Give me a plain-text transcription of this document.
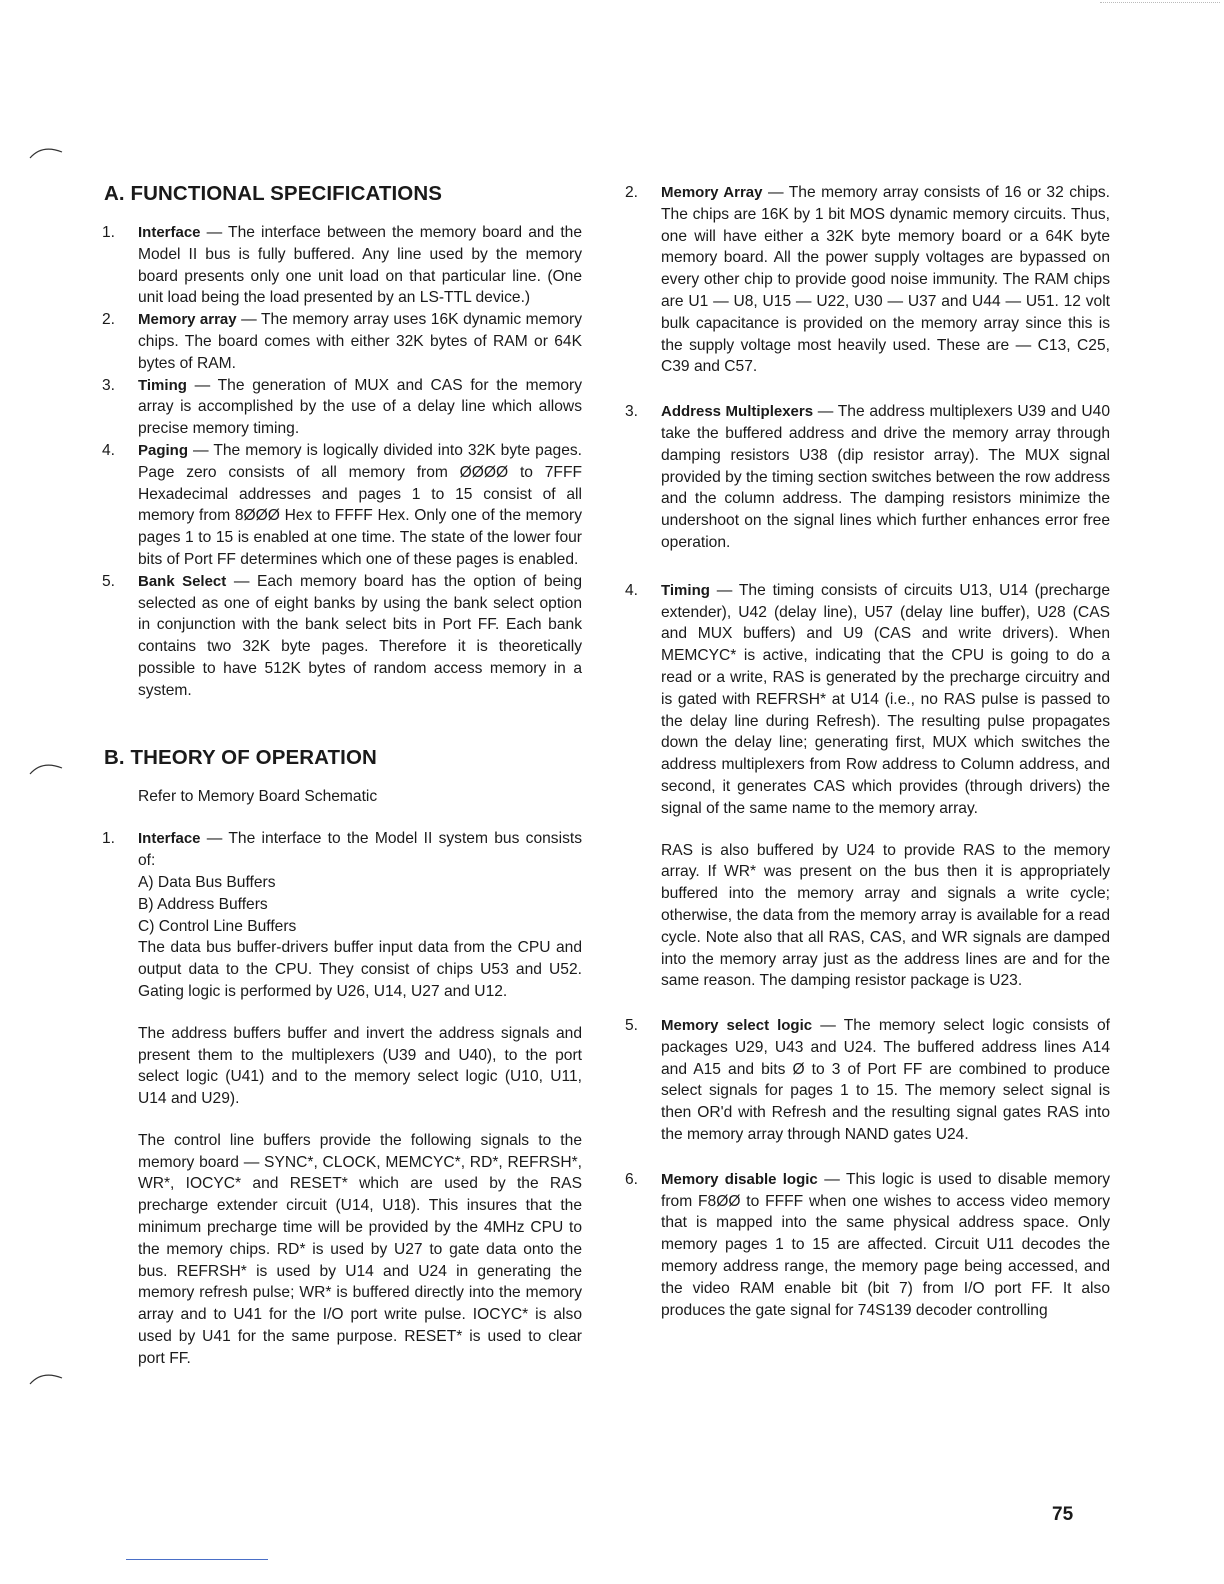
A. FUNCTIONAL SPECIFICATIONS
1.	Interface — The interface between the memory board and the Model II bus is fully buffered. Any line used by the memory board presents only one unit load on that particular line. (One unit load being the load presented by an LS-TTL device.)
2.	Memory array — The memory array uses 16K dynamic memory chips. The board comes with either 32K bytes of RAM or 64K bytes of RAM.
3.	Timing — The generation of MUX and CAS for the memory array is accomplished by the use of a delay line which allows precise memory timing.
4.	Paging — The memory is logically divided into 32K byte pages. Page zero consists of all memory from ØØØØ to 7FFF Hexadecimal addresses and pages 1 to 15 consist of all memory from 8ØØØ Hex to FFFF Hex. Only one of the memory pages 1 to 15 is enabled at one time. The state of the lower four bits of Port FF determines which one of these pages is enabled.
5.	Bank Select — Each memory board has the option of being selected as one of eight banks by using the bank select option in conjunction with the bank select bits in Port FF. Each bank contains two 32K byte pages. Therefore it is theoretically possible to have 512K bytes of random access memory in a system.
B. THEORY OF OPERATION
Refer to Memory Board Schematic
1.	Interface — The interface to the Model II system bus consists of:
A) Data Bus Buffers
B) Address Buffers
C) Control Line Buffers
The data bus buffer-drivers buffer input data from the CPU and output data to the CPU. They consist of chips U53 and U52. Gating logic is performed by U26, U14, U27 and U12.
The address buffers buffer and invert the address signals and present them to the multiplexers (U39 and U40), to the port select logic (U41) and to the memory select logic (U10, U11, U14 and U29).
The control line buffers provide the following signals to the memory board — SYNC*, CLOCK, MEMCYC*, RD*, REFRSH*, WR*, IOCYC* and RESET* which are used by the RAS precharge extender circuit (U14, U18). This insures that the minimum precharge time will be provided by the 4MHz CPU to the memory chips. RD* is used by U27 to gate data onto the bus. REFRSH* is used by U14 and U24 in generating the memory refresh pulse; WR* is buffered directly into the memory array and to U41 for the I/O port write pulse. IOCYC* is also used by U41 for the same purpose. RESET* is used to clear port FF.
2.	Memory Array — The memory array consists of 16 or 32 chips. The chips are 16K by 1 bit MOS dynamic memory circuits. Thus, one will have either a 32K byte memory board or a 64K byte memory board. All the power supply voltages are bypassed on every other chip to provide good noise immunity. The RAM chips are U1 — U8, U15 — U22, U30 — U37 and U44 — U51. 12 volt bulk capacitance is provided on the memory array since this is the supply voltage most heavily used. These are — C13, C25, C39 and C57.
3.	Address Multiplexers — The address multiplexers U39 and U40 take the buffered address and drive the memory array through damping resistors U38 (dip resistor array). The MUX signal provided by the timing section switches between the row address and the column address. The damping resistors minimize the undershoot on the signal lines which further enhances error free operation.
4.	Timing — The timing consists of circuits U13, U14 (precharge extender), U42 (delay line), U57 (delay line buffer), U28 (CAS and MUX buffers) and U9 (CAS and write drivers). When MEMCYC* is active, indicating that the CPU is going to do a read or a write, RAS is generated by the precharge circuitry and is gated with REFRSH* at U14 (i.e., no RAS pulse is passed to the delay line during Refresh). The resulting pulse propagates down the delay line; generating first, MUX which switches the address multiplexers from Row address to Column address, and second, it generates CAS which provides (through drivers) the signal of the same name to the memory array.
RAS is also buffered by U24 to provide RAS to the memory array. If WR* was present on the bus then it is appropriately buffered into the memory array and signals a write cycle; otherwise, the data from the memory array is available for a read cycle. Note also that all RAS, CAS, and WR signals are damped into the memory array just as the address lines are and for the same reason. The damping resistor package is U23.
5.	Memory select logic — The memory select logic consists of packages U29, U43 and U24. The buffered address lines A14 and A15 and bits Ø to 3 of Port FF are combined to produce select signals for pages 1 to 15. The memory select signal is then OR'd with Refresh and the resulting signal gates RAS into the memory array through NAND gates U24.
6.	Memory disable logic — This logic is used to disable memory from F8ØØ to FFFF when one wishes to access video memory that is mapped into the same physical address space. Only memory pages 1 to 15 are affected. Circuit U11 decodes the memory address range, the memory page being accessed, and the video RAM enable bit (bit 7) from I/O port FF. It also produces the gate signal for 74S139 decoder controlling
75
